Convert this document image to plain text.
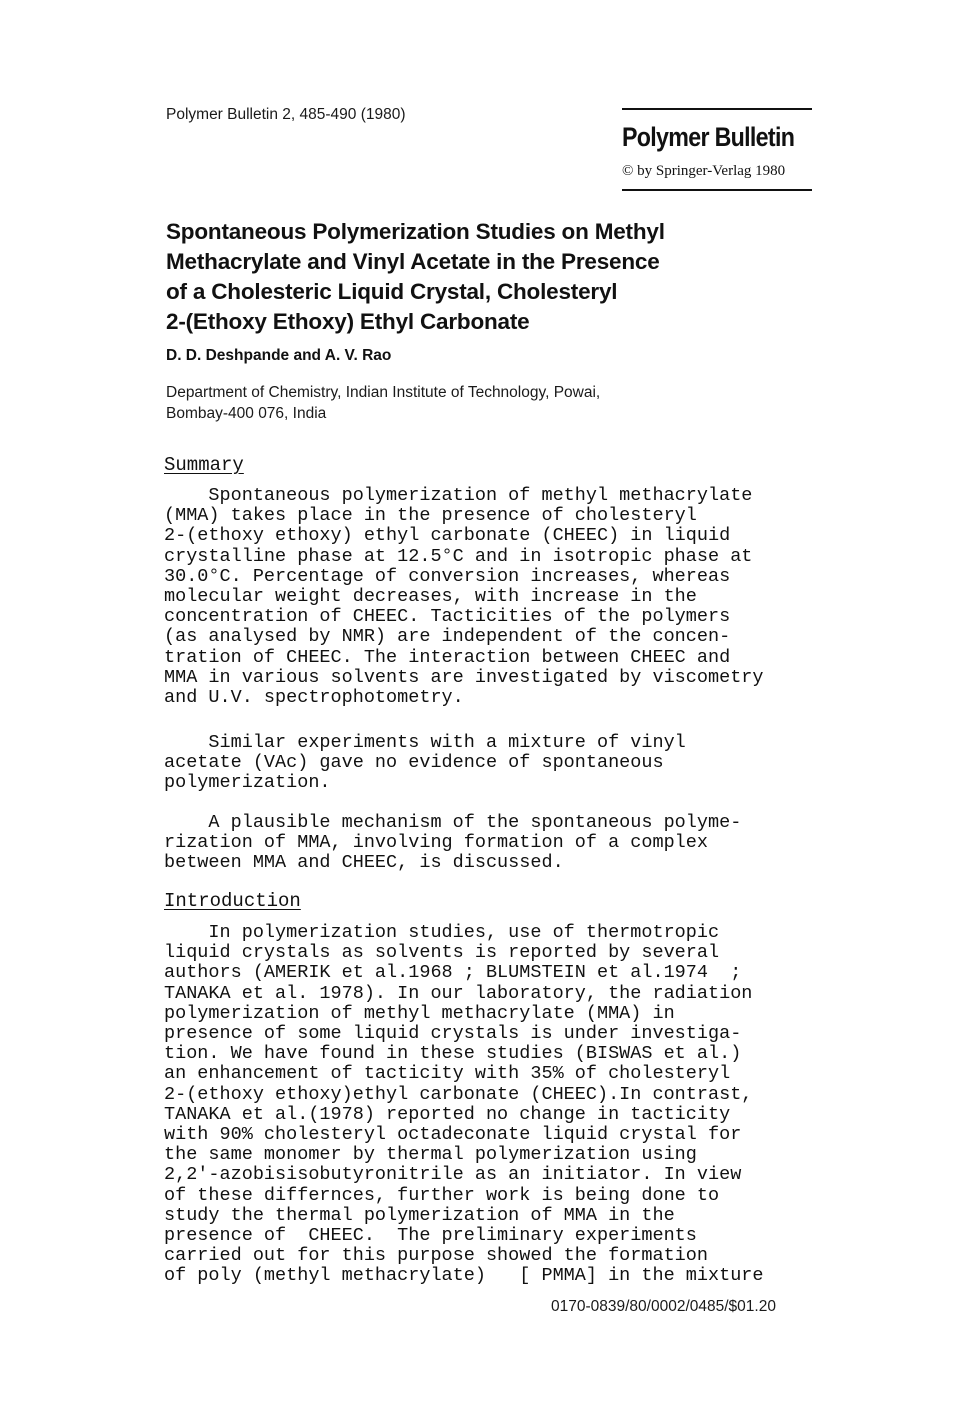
Polymer Bulletin 2, 485-490 (1980)
Polymer Bulletin
© by Springer-Verlag 1980
Spontaneous Polymerization Studies on Methyl
Methacrylate and Vinyl Acetate in the Presence
of a Cholesteric Liquid Crystal, Cholesteryl
2-(Ethoxy Ethoxy) Ethyl Carbonate
D. D. Deshpande and A. V. Rao
Department of Chemistry, Indian Institute of Technology, Powai,
Bombay-400 076, India
Summary
Spontaneous polymerization of methyl methacrylate
(MMA) takes place in the presence of cholesteryl
2-(ethoxy ethoxy) ethyl carbonate (CHEEC) in liquid
crystalline phase at 12.5°C and in isotropic phase at
30.0°C. Percentage of conversion increases, whereas
molecular weight decreases, with increase in the
concentration of CHEEC. Tacticities of the polymers
(as analysed by NMR) are independent of the concen-
tration of CHEEC. The interaction between CHEEC and
MMA in various solvents are investigated by viscometry
and U.V. spectrophotometry.
Similar experiments with a mixture of vinyl
acetate (VAc) gave no evidence of spontaneous
polymerization.
A plausible mechanism of the spontaneous polyme-
rization of MMA, involving formation of a complex
between MMA and CHEEC, is discussed.
Introduction
In polymerization studies, use of thermotropic
liquid crystals as solvents is reported by several
authors (AMERIK et al.1968 ; BLUMSTEIN et al.1974  ;
TANAKA et al. 1978). In our laboratory, the radiation
polymerization of methyl methacrylate (MMA) in
presence of some liquid crystals is under investiga-
tion. We have found in these studies (BISWAS et al.)
an enhancement of tacticity with 35% of cholesteryl
2-(ethoxy ethoxy)ethyl carbonate (CHEEC).In contrast,
TANAKA et al.(1978) reported no change in tacticity
with 90% cholesteryl octadeconate liquid crystal for
the same monomer by thermal polymerization using
2,2'-azobisisobutyronitrile as an initiator. In view
of these differnces, further work is being done to
study the thermal polymerization of MMA in the
presence of  CHEEC.  The preliminary experiments
carried out for this purpose showed the formation
of poly (methyl methacrylate)   [ PMMA] in the mixture
0170-0839/80/0002/0485/$01.20
